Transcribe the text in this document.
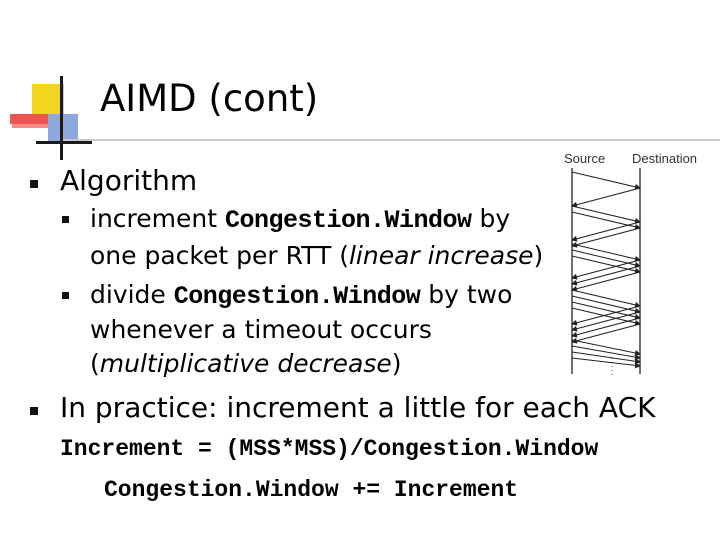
AIMD (cont)
Algorithm
increment Congestion.Window by
one packet per RTT (linear increase)
divide Congestion.Window by two
whenever a timeout occurs
(multiplicative decrease)
In practice: increment a little for each ACK
Increment = (MSS*MSS)/Congestion.Window
Congestion.Window += Increment
Source Destination
